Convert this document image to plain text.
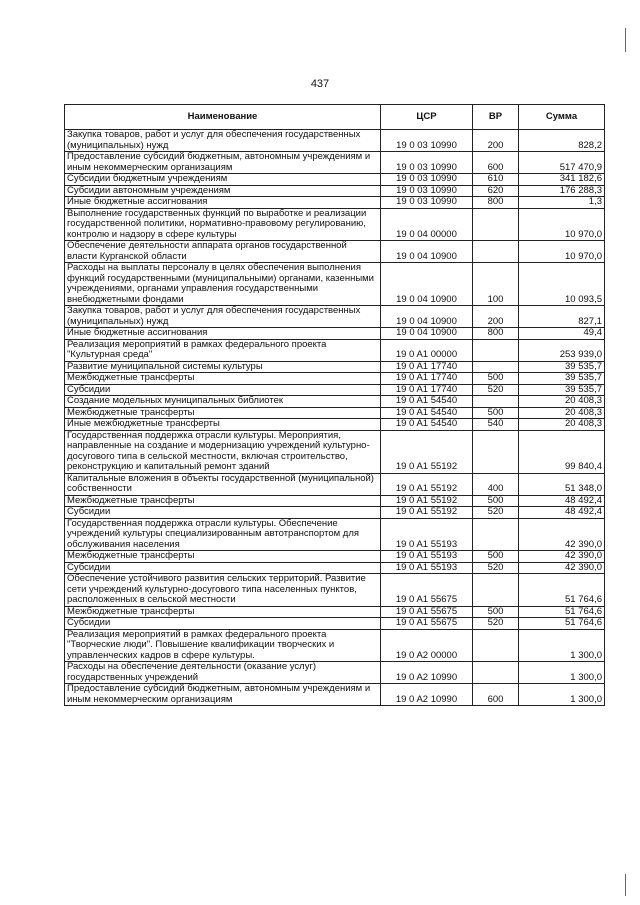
437
Наименование	ЦСР	ВР	Сумма
Закупка товаров, работ и услуг для обеспечения государственных (муниципальных) нужд	19 0 03 10990	200	828,2
Предоставление субсидий бюджетным, автономным учреждениям и иным некоммерческим организациям	19 0 03 10990	600	517 470,9
Субсидии бюджетным учреждениям	19 0 03 10990	610	341 182,6
Субсидии автономным учреждениям	19 0 03 10990	620	176 288,3
Иные бюджетные ассигнования	19 0 03 10990	800	1,3
Выполнение государственных функций по выработке и реализации государственной политики, нормативно-правовому регулированию, контролю и надзору в сфере культуры	19 0 04 00000		10 970,0
Обеспечение деятельности аппарата органов государственной власти Курганской области	19 0 04 10900		10 970,0
Расходы на выплаты персоналу в целях обеспечения выполнения функций государственными (муниципальными) органами, казенными учреждениями, органами управления государственными внебюджетными фондами	19 0 04 10900	100	10 093,5
Закупка товаров, работ и услуг для обеспечения государственных (муниципальных) нужд	19 0 04 10900	200	827,1
Иные бюджетные ассигнования	19 0 04 10900	800	49,4
Реализация мероприятий в рамках федерального проекта "Культурная среда"	19 0 A1 00000		253 939,0
Развитие муниципальной системы культуры	19 0 A1 17740		39 535,7
Межбюджетные трансферты	19 0 A1 17740	500	39 535,7
Субсидии	19 0 A1 17740	520	39 535,7
Создание модельных муниципальных библиотек	19 0 A1 54540		20 408,3
Межбюджетные трансферты	19 0 A1 54540	500	20 408,3
Иные межбюджетные трансферты	19 0 A1 54540	540	20 408,3
Государственная поддержка отрасли культуры. Мероприятия, направленные на создание и модернизацию учреждений культурно-досугового типа в сельской местности, включая строительство, реконструкцию и капитальный ремонт зданий	19 0 A1 55192		99 840,4
Капитальные вложения в объекты государственной (муниципальной) собственности	19 0 A1 55192	400	51 348,0
Межбюджетные трансферты	19 0 A1 55192	500	48 492,4
Субсидии	19 0 A1 55192	520	48 492,4
Государственная поддержка отрасли культуры. Обеспечение учреждений культуры специализированным автотранспортом для обслуживания населения	19 0 A1 55193		42 390,0
Межбюджетные трансферты	19 0 A1 55193	500	42 390,0
Субсидии	19 0 A1 55193	520	42 390,0
Обеспечение устойчивого развития сельских территорий. Развитие сети учреждений культурно-досугового типа населенных пунктов, расположенных в сельской местности	19 0 A1 55675		51 764,6
Межбюджетные трансферты	19 0 A1 55675	500	51 764,6
Субсидии	19 0 A1 55675	520	51 764,6
Реализация мероприятий в рамках федерального проекта "Творческие люди". Повышение квалификации творческих и управленческих кадров в сфере культуры.	19 0 A2 00000		1 300,0
Расходы на обеспечение деятельности (оказание услуг) государственных учреждений	19 0 A2 10990		1 300,0
Предоставление субсидий бюджетным, автономным учреждениям и иным некоммерческим организациям	19 0 A2 10990	600	1 300,0
